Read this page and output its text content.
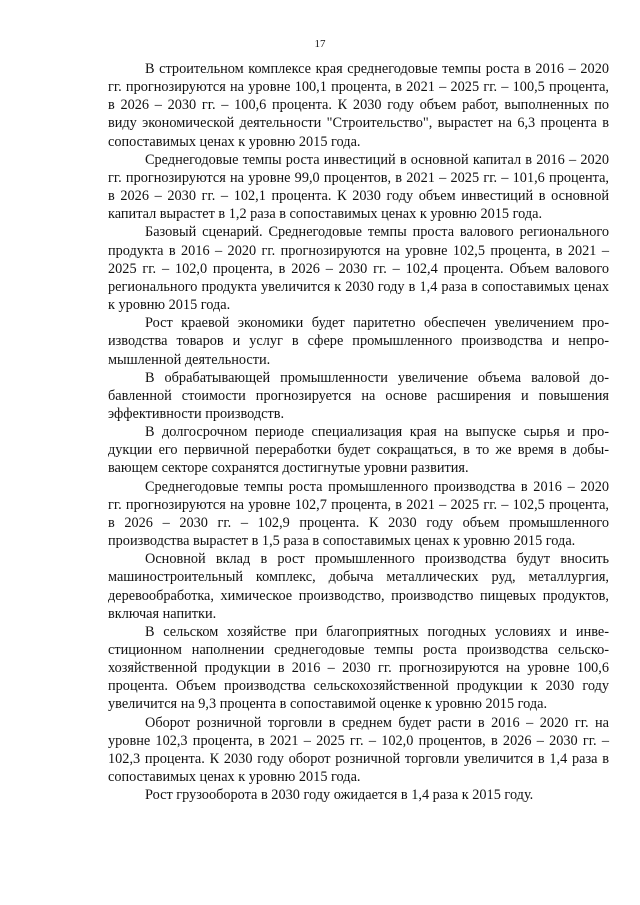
17

В строительном комплексе края среднегодовые темпы роста в 2016 – 2020 гг. прогнозируются на уровне 100,1 процента, в 2021 – 2025 гг. – 100,5 процента, в 2026 – 2030 гг. – 100,6 процента. К 2030 году объем работ, выполненных по виду экономической деятельности "Строительство", вырастет на 6,3 процента в сопоставимых ценах к уровню 2015 года.

Среднегодовые темпы роста инвестиций в основной капитал в 2016 – 2020 гг. прогнозируются на уровне 99,0 процентов, в 2021 – 2025 гг. – 101,6 процента, в 2026 – 2030 гг. – 102,1 процента. К 2030 году объем инвестиций в основной капитал вырастет в 1,2 раза в сопоставимых ценах к уровню 2015 года.

Базовый сценарий. Среднегодовые темпы проста валового регионального продукта в 2016 – 2020 гг. прогнозируются на уровне 102,5 процента, в 2021 – 2025 гг. – 102,0 процента, в 2026 – 2030 гг. – 102,4 процента. Объем валового регионального продукта увеличится к 2030 году в 1,4 раза в сопоставимых ценах к уровню 2015 года.

Рост краевой экономики будет паритетно обеспечен увеличением производства товаров и услуг в сфере промышленного производства и непромышленной деятельности.

В обрабатывающей промышленности увеличение объема валовой добавленной стоимости прогнозируется на основе расширения и повышения эффективности производств.

В долгосрочном периоде специализация края на выпуске сырья и продукции его первичной переработки будет сокращаться, в то же время в добывающем секторе сохранятся достигнутые уровни развития.

Среднегодовые темпы роста промышленного производства в 2016 – 2020 гг. прогнозируются на уровне 102,7 процента, в 2021 – 2025 гг. – 102,5 процента, в 2026 – 2030 гг. – 102,9 процента. К 2030 году объем промышленного производства вырастет в 1,5 раза в сопоставимых ценах к уровню 2015 года.

Основной вклад в рост промышленного производства будут вносить машиностроительный комплекс, добыча металлических руд, металлургия, деревообработка, химическое производство, производство пищевых продуктов, включая напитки.

В сельском хозяйстве при благоприятных погодных условиях и инвестиционном наполнении среднегодовые темпы роста производства сельскохозяйственной продукции в 2016 – 2030 гг. прогнозируются на уровне 100,6 процента. Объем производства сельскохозяйственной продукции к 2030 году увеличится на 9,3 процента в сопоставимой оценке к уровню 2015 года.

Оборот розничной торговли в среднем будет расти в 2016 – 2020 гг. на уровне 102,3 процента, в 2021 – 2025 гг. – 102,0 процентов, в 2026 – 2030 гг. – 102,3 процента. К 2030 году оборот розничной торговли увеличится в 1,4 раза в сопоставимых ценах к уровню 2015 года.

Рост грузооборота в 2030 году ожидается в 1,4 раза к 2015 году.
